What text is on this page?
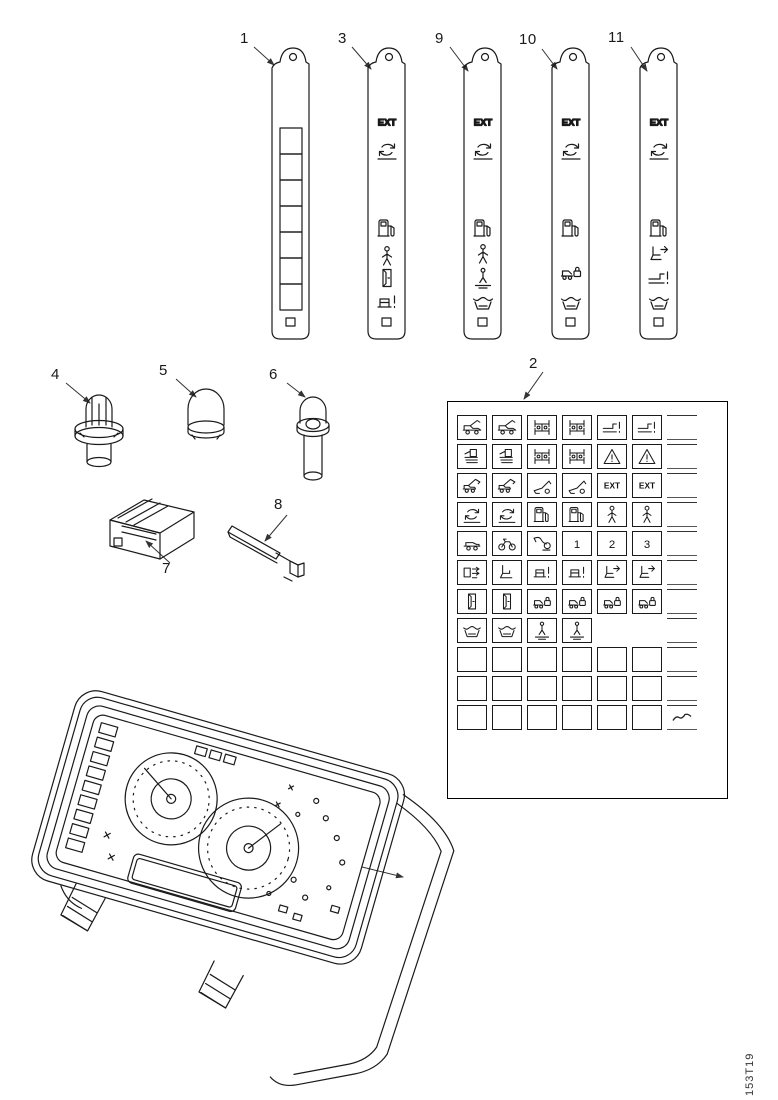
1	3	9	10	11
2
4	5	6
7
8
153T19
